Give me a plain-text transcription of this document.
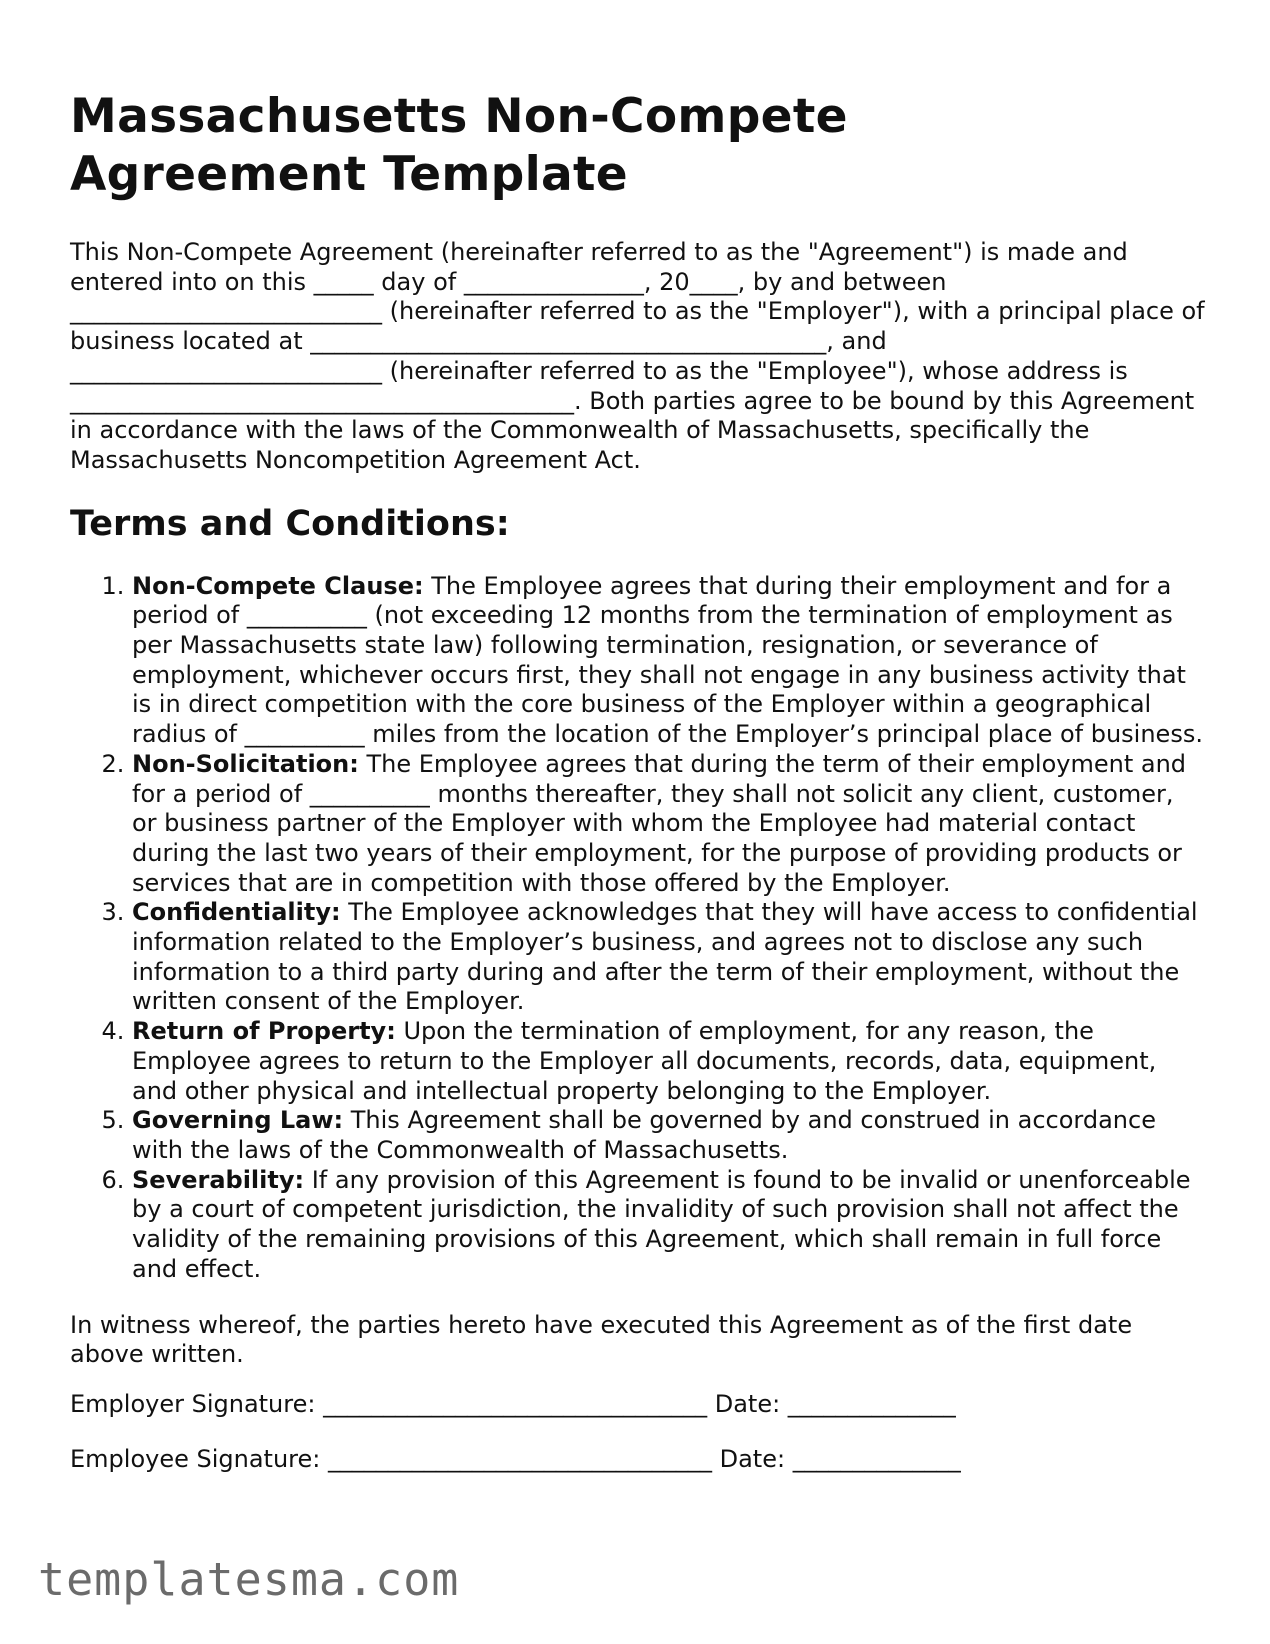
Massachusetts Non-Compete
Agreement Template

This Non-Compete Agreement (hereinafter referred to as the "Agreement") is made and entered into on this _____ day of _______________, 20____, by and between __________________________ (hereinafter referred to as the "Employer"), with a principal place of business located at ___________________________________________, and __________________________ (hereinafter referred to as the "Employee"), whose address is __________________________________________. Both parties agree to be bound by this Agreement in accordance with the laws of the Commonwealth of Massachusetts, specifically the Massachusetts Noncompetition Agreement Act.

Terms and Conditions:
1. Non-Compete Clause: The Employee agrees that during their employment and for a period of __________ (not exceeding 12 months from the termination of employment as per Massachusetts state law) following termination, resignation, or severance of employment, whichever occurs first, they shall not engage in any business activity that is in direct competition with the core business of the Employer within a geographical radius of __________ miles from the location of the Employer’s principal place of business.
2. Non-Solicitation: The Employee agrees that during the term of their employment and for a period of __________ months thereafter, they shall not solicit any client, customer, or business partner of the Employer with whom the Employee had material contact during the last two years of their employment, for the purpose of providing products or services that are in competition with those offered by the Employer.
3. Confidentiality: The Employee acknowledges that they will have access to confidential information related to the Employer’s business, and agrees not to disclose any such information to a third party during and after the term of their employment, without the written consent of the Employer.
4. Return of Property: Upon the termination of employment, for any reason, the Employee agrees to return to the Employer all documents, records, data, equipment, and other physical and intellectual property belonging to the Employer.
5. Governing Law: This Agreement shall be governed by and construed in accordance with the laws of the Commonwealth of Massachusetts.
6. Severability: If any provision of this Agreement is found to be invalid or unenforceable by a court of competent jurisdiction, the invalidity of such provision shall not affect the validity of the remaining provisions of this Agreement, which shall remain in full force and effect.

In witness whereof, the parties hereto have executed this Agreement as of the first date above written.

Employer Signature: ________________________________ Date: ______________
Employee Signature: ________________________________ Date: ______________
templatesma.com
